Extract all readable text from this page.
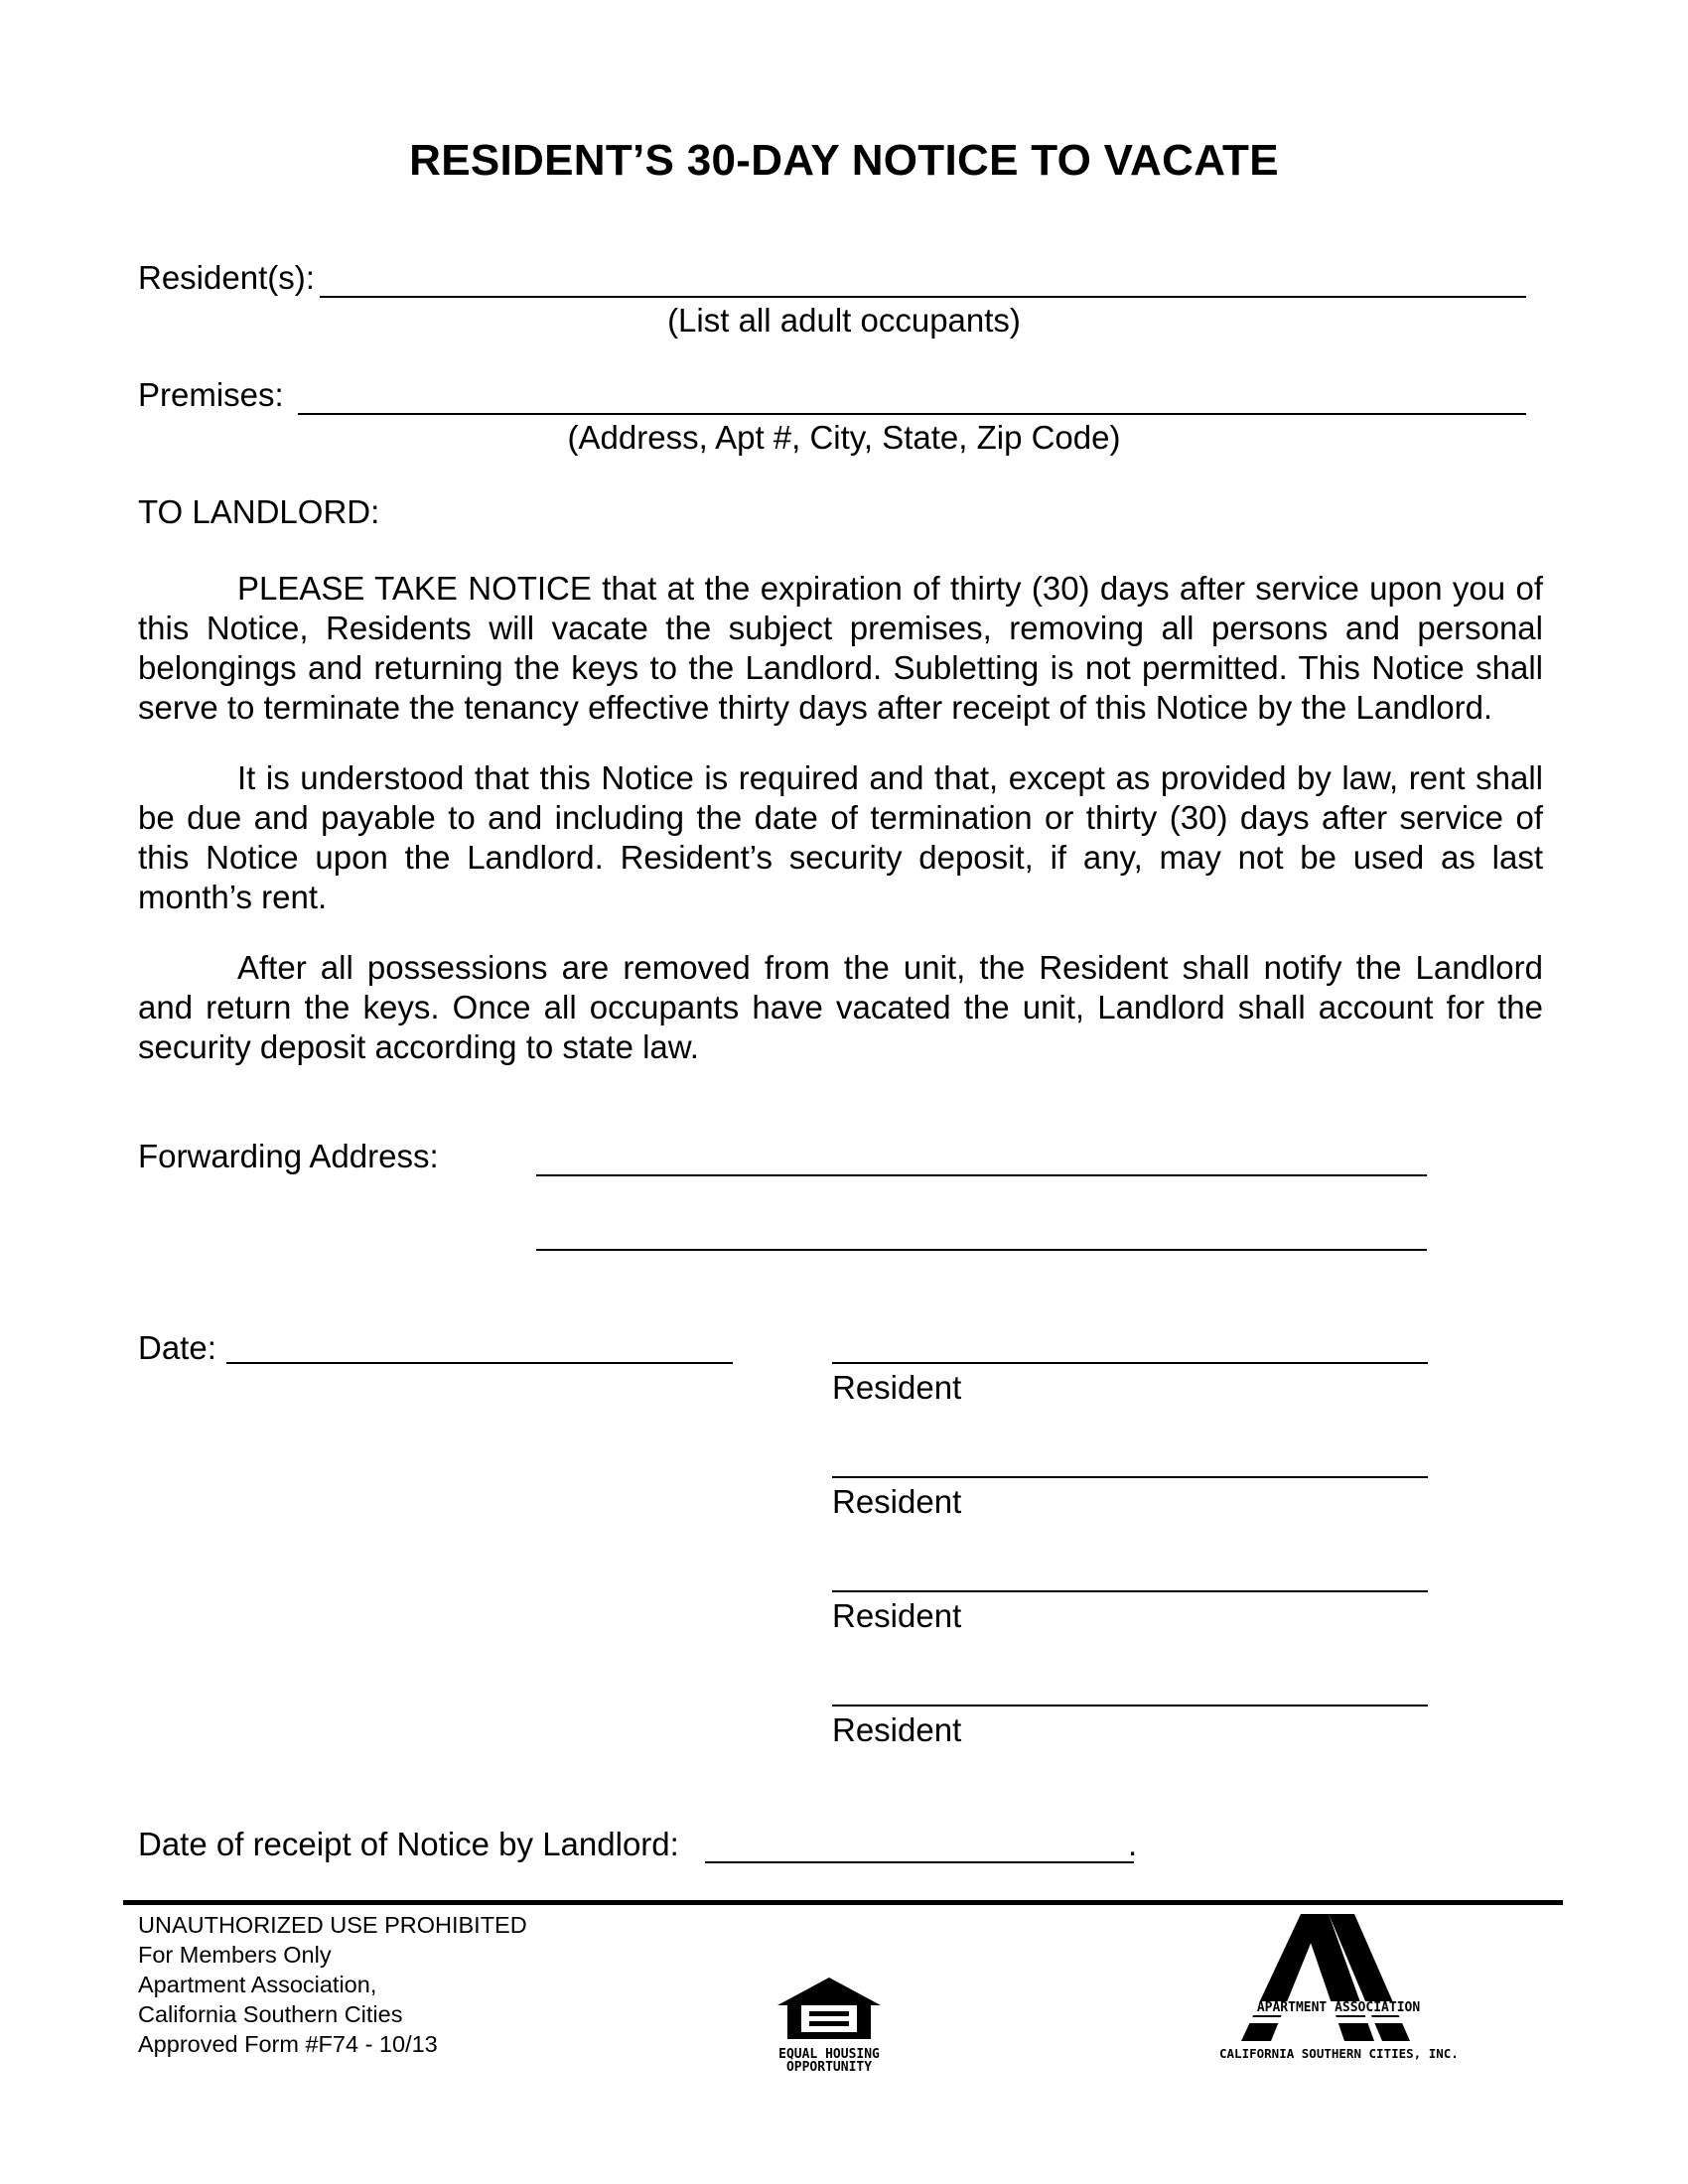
RESIDENT’S 30-DAY NOTICE TO VACATE
Resident(s):
(List all adult occupants)
Premises:
(Address, Apt #, City, State, Zip Code)
TO LANDLORD:
PLEASE TAKE NOTICE that at the expiration of thirty (30) days after service upon you of this Notice, Residents will vacate the subject premises, removing all persons and personal belongings and returning the keys to the Landlord. Subletting is not permitted. This Notice shall serve to terminate the tenancy effective thirty days after receipt of this Notice by the Landlord.
It is understood that this Notice is required and that, except as provided by law, rent shall be due and payable to and including the date of termination or thirty (30) days after service of this Notice upon the Landlord. Resident’s security deposit, if any, may not be used as last month’s rent.
After all possessions are removed from the unit, the Resident shall notify the Landlord and return the keys. Once all occupants have vacated the unit, Landlord shall account for the security deposit according to state law.
Forwarding Address:
Date:
Resident
Resident
Resident
Resident
Date of receipt of Notice by Landlord:	.
UNAUTHORIZED USE PROHIBITED
For Members Only
Apartment Association,
California Southern Cities
Approved Form #F74 - 10/13	EQUAL HOUSING
OPPORTUNITY
APARTMENT ASSOCIATION
CALIFORNIA SOUTHERN CITIES, INC.
